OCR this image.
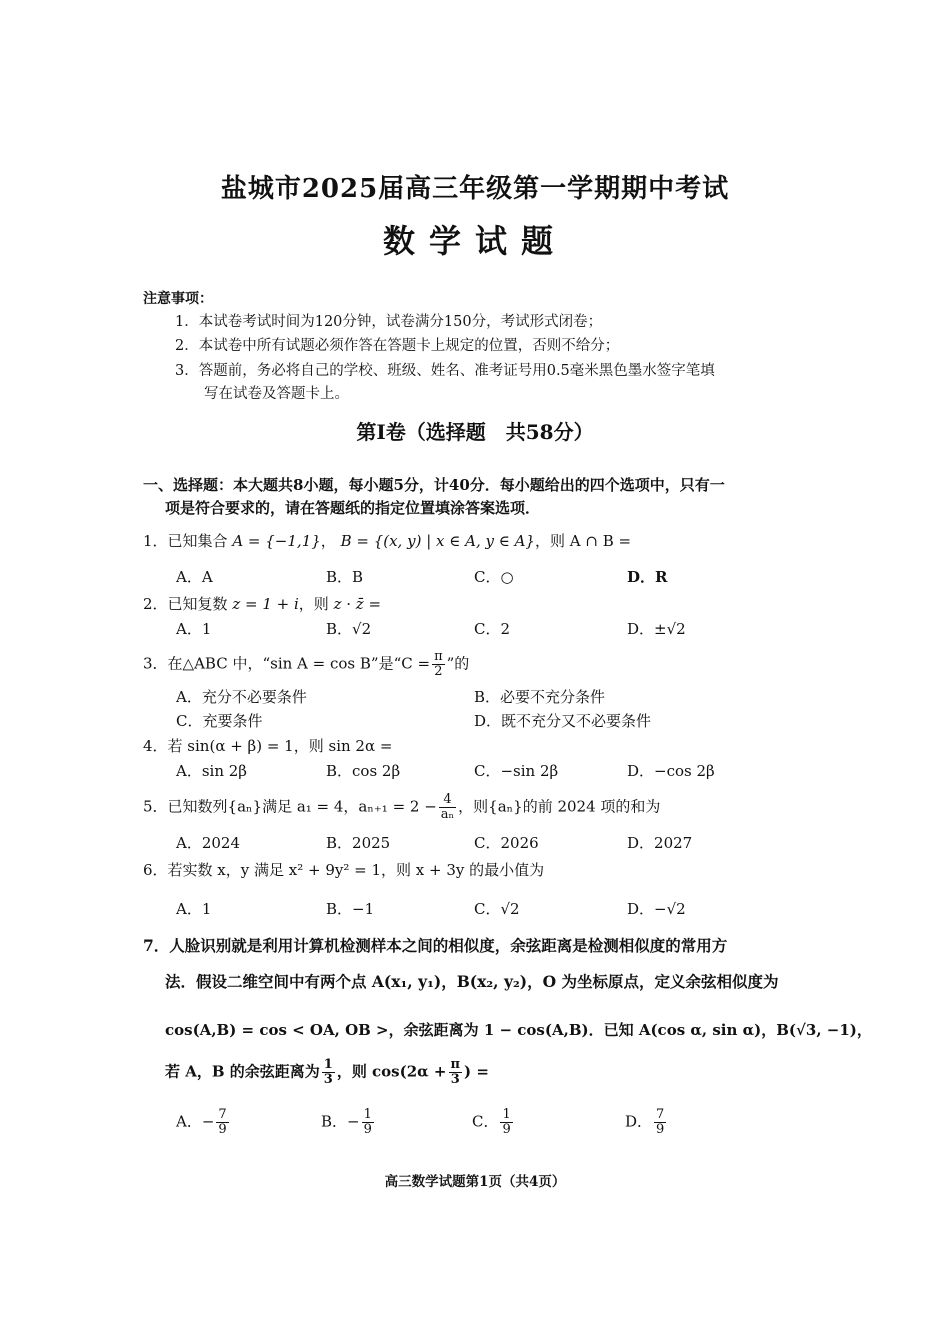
盐城市2025届高三年级第一学期期中考试
数学试题
注意事项：
1．本试卷考试时间为120分钟，试卷满分150分，考试形式闭卷；
2．本试卷中所有试题必须作答在答题卡上规定的位置，否则不给分；
3．答题前，务必将自己的学校、班级、姓名、准考证号用0.5毫米黑色墨水签字笔填
写在试卷及答题卡上。
第Ⅰ卷（选择题　共58分）
一、选择题：本大题共8小题，每小题5分，计40分．每小题给出的四个选项中，只有一
项是符合要求的，请在答题纸的指定位置填涂答案选项．
1．已知集合 A = {−1,1}， B = {(x, y) | x ∈ A, y ∈ A}，则 A ∩ B =
A．A	B．B	C．○	D．R
2．已知复数 z = 1 + i，则 z · z̄ =
A．1	B．√2	C．2	D．±√2
3．在△ABC 中，“sin A = cos B”是“$C = \frac{\pi}{2}$ ”的
A．充分不必要条件	B．必要不充分条件
C．充要条件	D．既不充分又不必要条件
4．若 sin(α + β) = 1，则 sin 2α =
A．sin 2β	B．cos 2β	C．−sin 2β	D．−cos 2β
5．已知数列{aₙ}满足 a₁ = 4，$a_{n+1} = 2 - \frac{4}{\text{aₙ}}$ ，则{aₙ}的前 2024 项的和为
A．2024	B．2025	C．2026	D．2027
6．若实数 x，y 满足 x² + 9y² = 1，则 x + 3y 的最小值为
A．1	B．−1	C．√2	D．−√2
7．人脸识别就是利用计算机检测样本之间的相似度，余弦距离是检测相似度的常用方
法．假设二维空间中有两个点 A(x₁, y₁)，B(x₂, y₂)，O 为坐标原点，定义余弦相似度为
cos(A,B) = cos < OA, OB >，余弦距离为 1 − cos(A,B)．已知 A(cos α, sin α)，B(√3, −1)，
若 A，B 的余弦距离为 $\frac{1}{3}$ ，则 $\cos(2\alpha + \frac{\pi}{3}$ ) =
A．− $\frac{7}{9}$	B．− $\frac{1}{9}$	C． $\frac{1}{9}$	D． $\frac{7}{9}$
高三数学试题第1页（共4页）
